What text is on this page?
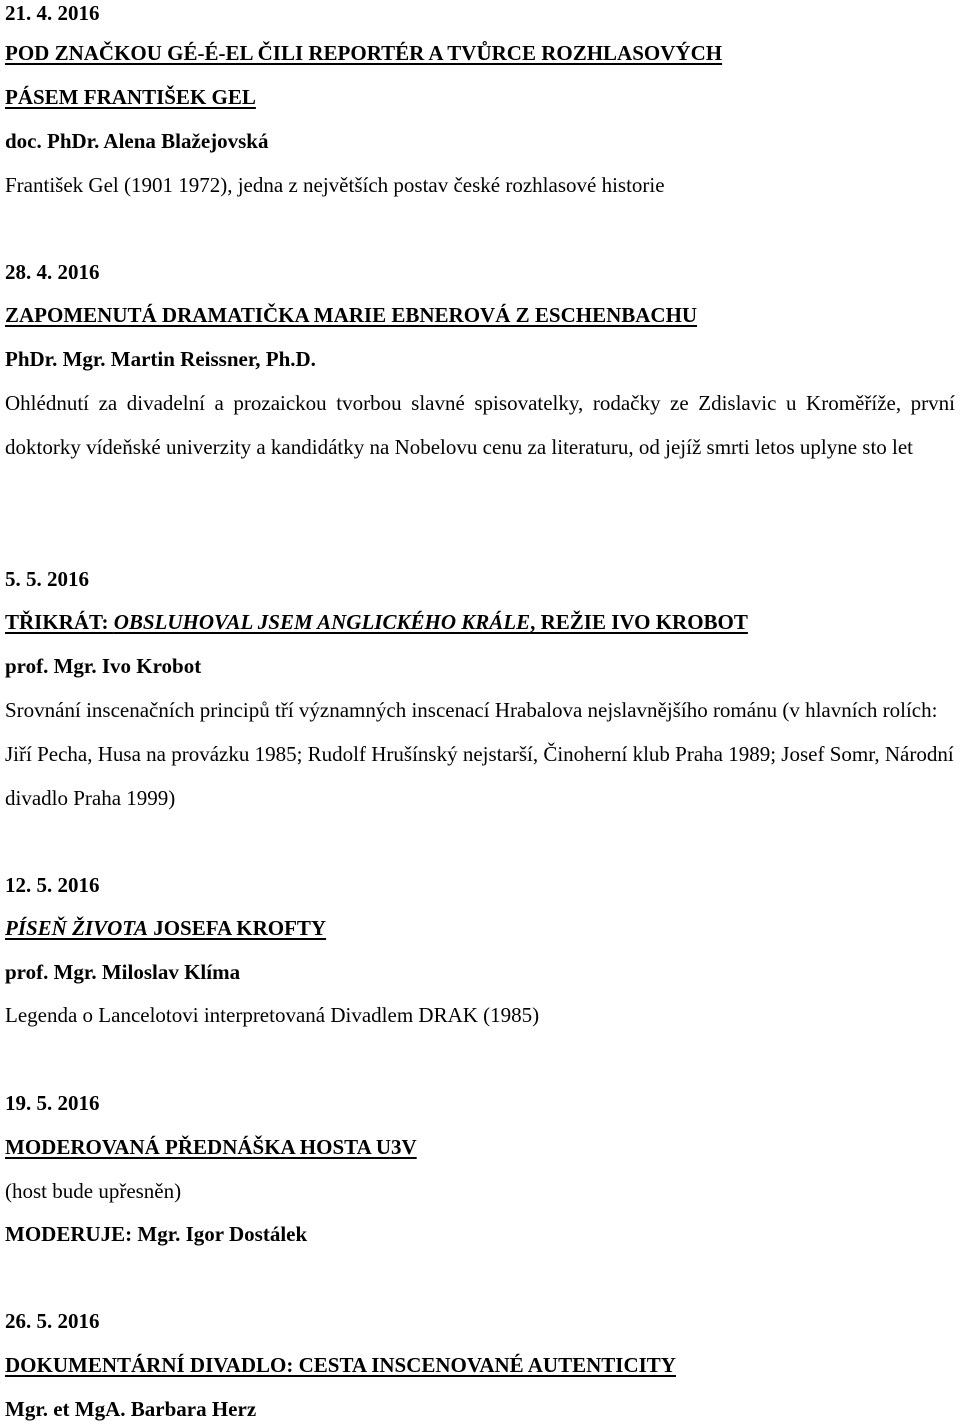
21. 4. 2016
POD ZNAČKOU GÉ-É-EL ČILI REPORTÉR A TVŮRCE ROZHLASOVÝCH
PÁSEM FRANTIŠEK GEL
doc. PhDr. Alena Blažejovská
František Gel (1901 1972), jedna z největších postav české rozhlasové historie
28. 4. 2016
ZAPOMENUTÁ DRAMATIČKA MARIE EBNEROVÁ Z ESCHENBACHU
PhDr. Mgr. Martin Reissner, Ph.D.
Ohlédnutí za divadelní a prozaickou tvorbou slavné spisovatelky, rodačky ze Zdislavic u Kroměříže, první doktorky vídeňské univerzity a kandidátky na Nobelovu cenu za literaturu, od jejíž smrti letos uplyne sto let
5. 5. 2016
TŘIKRÁT: OBSLUHOVAL JSEM ANGLICKÉHO KRÁLE, REŽIE IVO KROBOT
prof. Mgr. Ivo Krobot
Srovnání inscenačních principů tří významných inscenací Hrabalova nejslavnějšího románu (v hlavních rolích: Jiří Pecha, Husa na provázku 1985; Rudolf Hrušínský nejstarší, Činoherní klub Praha 1989; Josef Somr, Národní divadlo Praha 1999)
12. 5. 2016
PÍSEŇ ŽIVOTA JOSEFA KROFTY
prof. Mgr. Miloslav Klíma
Legenda o Lancelotovi interpretovaná Divadlem DRAK (1985)
19. 5. 2016
MODEROVANÁ PŘEDNÁŠKA HOSTA U3V
(host bude upřesněn)
MODERUJE: Mgr. Igor Dostálek
26. 5. 2016
DOKUMENTÁRNÍ DIVADLO: CESTA INSCENOVANÉ AUTENTICITY
Mgr. et MgA. Barbara Herz
